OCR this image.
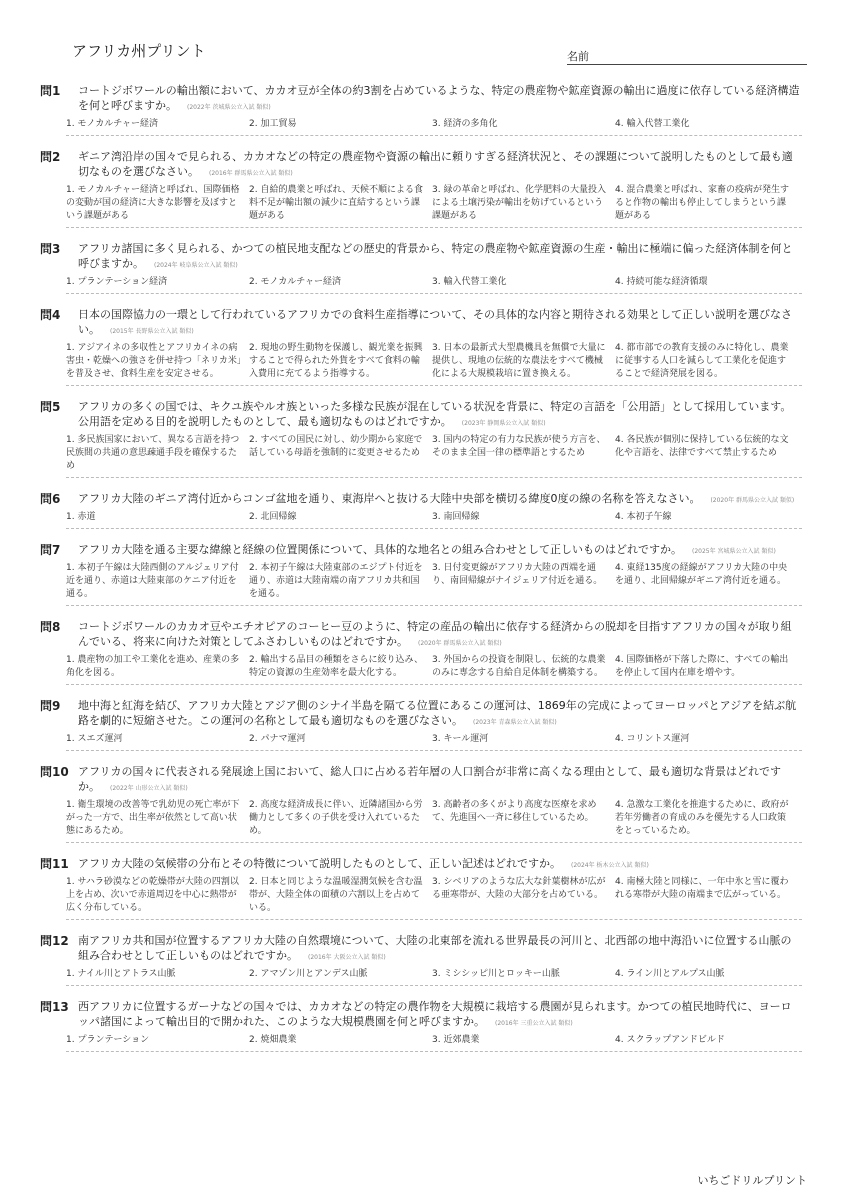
アフリカ州プリント	名前
問1	コートジボワールの輸出額において、カカオ豆が全体の約3割を占めているような、特定の農産物や鉱産資源の輸出に過度に依存している経済構造を何と呼びますか。 (2022年 茨城県公立入試 類似)
1. モノカルチャー経済	2. 加工貿易	3. 経済の多角化	4. 輸入代替工業化
問2	ギニア湾沿岸の国々で見られる、カカオなどの特定の農産物や資源の輸出に頼りすぎる経済状況と、その課題について説明したものとして最も適切なものを選びなさい。 (2016年 群馬県公立入試 類似)
1. モノカルチャー経済と呼ばれ、国際価格の変動が国の経済に大きな影響を及ぼすという課題がある
2. 自給的農業と呼ばれ、天候不順による食料不足が輸出額の減少に直結するという課題がある
3. 緑の革命と呼ばれ、化学肥料の大量投入による土壌汚染が輸出を妨げているという課題がある
4. 混合農業と呼ばれ、家畜の疫病が発生すると作物の輸出も停止してしまうという課題がある
問3	アフリカ諸国に多く見られる、かつての植民地支配などの歴史的背景から、特定の農産物や鉱産資源の生産・輸出に極端に偏った経済体制を何と呼びますか。 (2024年 岐阜県公立入試 類似)
1. プランテーション経済	2. モノカルチャー経済	3. 輸入代替工業化	4. 持続可能な経済循環
問4	日本の国際協力の一環として行われているアフリカでの食料生産指導について、その具体的な内容と期待される効果として正しい説明を選びなさい。 (2015年 長野県公立入試 類似)
1. アジアイネの多収性とアフリカイネの病害虫・乾燥への強さを併せ持つ「ネリカ米」を普及させ、食料生産を安定させる。
2. 現地の野生動物を保護し、観光業を振興することで得られた外貨をすべて食料の輸入費用に充てるよう指導する。
3. 日本の最新式大型農機具を無償で大量に提供し、現地の伝統的な農法をすべて機械化による大規模栽培に置き換える。
4. 都市部での教育支援のみに特化し、農業に従事する人口を減らして工業化を促進することで経済発展を図る。
問5	アフリカの多くの国では、キクユ族やルオ族といった多様な民族が混在している状況を背景に、特定の言語を「公用語」として採用しています。公用語を定める目的を説明したものとして、最も適切なものはどれですか。 (2023年 静岡県公立入試 類似)
1. 多民族国家において、異なる言語を持つ民族間の共通の意思疎通手段を確保するため
2. すべての国民に対し、幼少期から家庭で話している母語を強制的に変更させるため
3. 国内の特定の有力な民族が使う方言を、そのまま全国一律の標準語とするため
4. 各民族が個別に保持している伝統的な文化や言語を、法律ですべて禁止するため
問6	アフリカ大陸のギニア湾付近からコンゴ盆地を通り、東海岸へと抜ける大陸中央部を横切る緯度0度の線の名称を答えなさい。 (2020年 群馬県公立入試 類似)
1. 赤道	2. 北回帰線	3. 南回帰線	4. 本初子午線
問7	アフリカ大陸を通る主要な緯線と経線の位置関係について、具体的な地名との組み合わせとして正しいものはどれですか。 (2025年 宮城県公立入試 類似)
1. 本初子午線は大陸西側のアルジェリア付近を通り、赤道は大陸東部のケニア付近を通る。
2. 本初子午線は大陸東部のエジプト付近を通り、赤道は大陸南端の南アフリカ共和国を通る。
3. 日付変更線がアフリカ大陸の西端を通り、南回帰線がナイジェリア付近を通る。
4. 東経135度の経線がアフリカ大陸の中央を通り、北回帰線がギニア湾付近を通る。
問8	コートジボワールのカカオ豆やエチオピアのコーヒー豆のように、特定の産品の輸出に依存する経済からの脱却を目指すアフリカの国々が取り組んでいる、将来に向けた対策としてふさわしいものはどれですか。 (2020年 群馬県公立入試 類似)
1. 農産物の加工や工業化を進め、産業の多角化を図る。
2. 輸出する品目の種類をさらに絞り込み、特定の資源の生産効率を最大化する。
3. 外国からの投資を制限し、伝統的な農業のみに専念する自給自足体制を構築する。
4. 国際価格が下落した際に、すべての輸出を停止して国内在庫を増やす。
問9	地中海と紅海を結び、アフリカ大陸とアジア側のシナイ半島を隔てる位置にあるこの運河は、1869年の完成によってヨーロッパとアジアを結ぶ航路を劇的に短縮させた。この運河の名称として最も適切なものを選びなさい。 (2023年 青森県公立入試 類似)
1. スエズ運河	2. パナマ運河	3. キール運河	4. コリントス運河
問10 アフリカの国々に代表される発展途上国において、総人口に占める若年層の人口割合が非常に高くなる理由として、最も適切な背景はどれですか。 (2022年 山形公立入試 類似)
1. 衛生環境の改善等で乳幼児の死亡率が下がった一方で、出生率が依然として高い状態にあるため。
2. 高度な経済成長に伴い、近隣諸国から労働力として多くの子供を受け入れているため。
3. 高齢者の多くがより高度な医療を求めて、先進国へ一斉に移住しているため。
4. 急激な工業化を推進するために、政府が若年労働者の育成のみを優先する人口政策をとっているため。
問11 アフリカ大陸の気候帯の分布とその特徴について説明したものとして、正しい記述はどれですか。 (2024年 栃木公立入試 類似)
1. サハラ砂漠などの乾燥帯が大陸の四割以上を占め、次いで赤道周辺を中心に熱帯が広く分布している。
2. 日本と同じような温暖湿潤気候を含む温帯が、大陸全体の面積の六割以上を占めている。
3. シベリアのような広大な針葉樹林が広がる亜寒帯が、大陸の大部分を占めている。
4. 南極大陸と同様に、一年中氷と雪に覆われる寒帯が大陸の南端まで広がっている。
問12 南アフリカ共和国が位置するアフリカ大陸の自然環境について、大陸の北東部を流れる世界最長の河川と、北西部の地中海沿いに位置する山脈の組み合わせとして正しいものはどれですか。 (2016年 大阪公立入試 類似)
1. ナイル川とアトラス山脈	2. アマゾン川とアンデス山脈	3. ミシシッピ川とロッキー山脈	4. ライン川とアルプス山脈
問13 西アフリカに位置するガーナなどの国々では、カカオなどの特定の農作物を大規模に栽培する農園が見られます。かつての植民地時代に、ヨーロッパ諸国によって輸出目的で開かれた、このような大規模農園を何と呼びますか。 (2016年 三重公立入試 類似)
1. プランテーション	2. 焼畑農業	3. 近郊農業	4. スクラップアンドビルド
いちごドリルプリント
